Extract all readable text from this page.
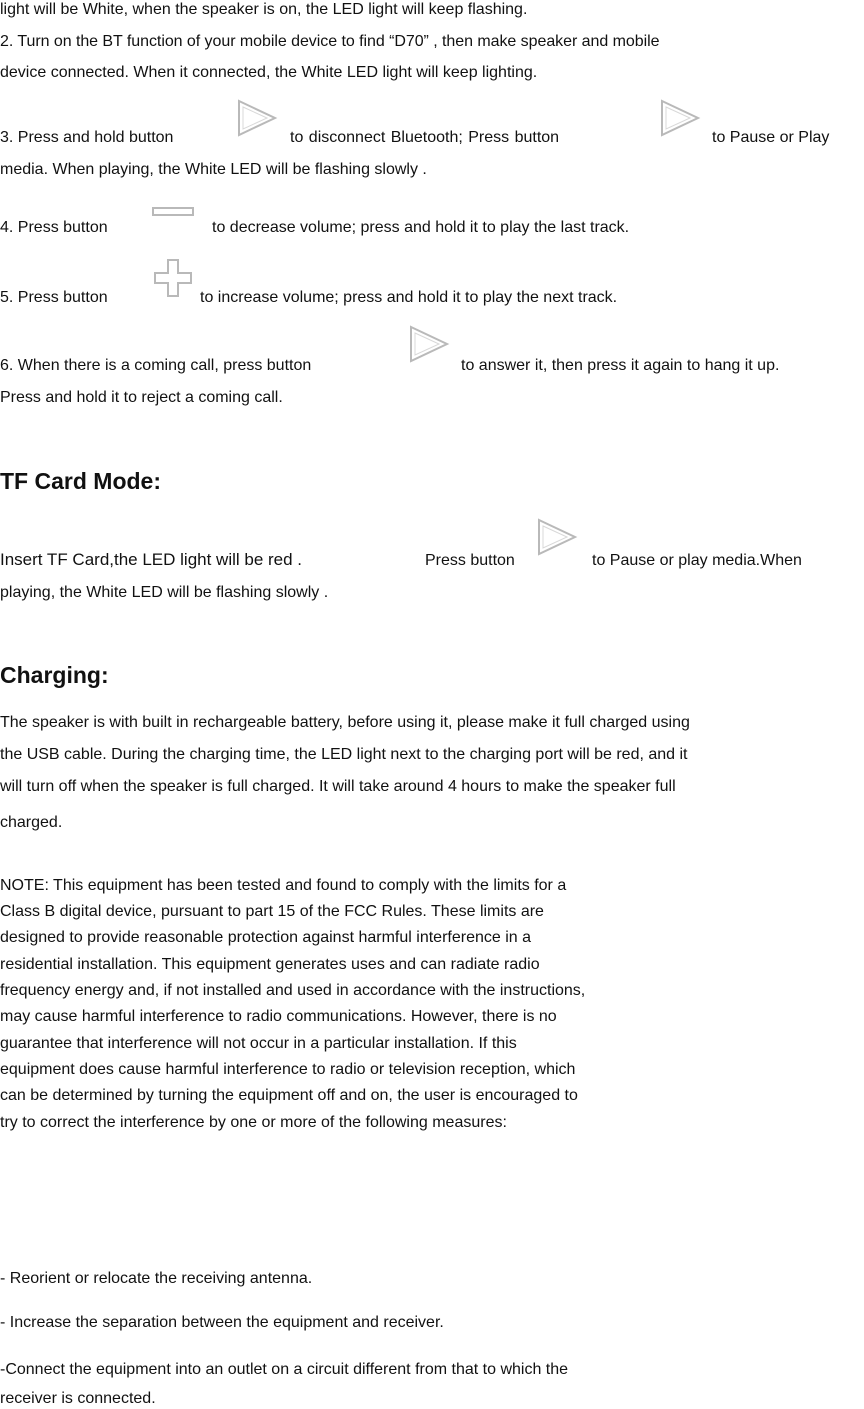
light will be White, when the speaker is on, the LED light will keep flashing.
2. Turn on the BT function of your mobile device to find “D70” , then make speaker and mobile
device connected. When it connected, the White LED light will keep lighting.
3. Press and hold button	to disconnect Bluetooth; Press button	to Pause or Play
media. When playing, the White LED will be flashing slowly .
4. Press button	to decrease volume; press and hold it to play the last track.
5. Press button	to increase volume; press and hold it to play the next track.
6. When there is a coming call, press button	to answer it, then press it again to hang it up.
Press and hold it to reject a coming call.
TF Card Mode:
Insert TF Card,the LED light will be red .	Press button	to Pause or play media.When
playing, the White LED will be flashing slowly .
Charging:
The speaker is with built in rechargeable battery, before using it, please make it full charged using
the USB cable. During the charging time, the LED light next to the charging port will be red, and it
will turn off when the speaker is full charged. It will take around 4 hours to make the speaker full
charged.
NOTE: This equipment has been tested and found to comply with the limits for a
Class B digital device, pursuant to part 15 of the FCC Rules. These limits are
designed to provide reasonable protection against harmful interference in a
residential installation. This equipment generates uses and can radiate radio
frequency energy and, if not installed and used in accordance with the instructions,
may cause harmful interference to radio communications. However, there is no
guarantee that interference will not occur in a particular installation. If this
equipment does cause harmful interference to radio or television reception, which
can be determined by turning the equipment off and on, the user is encouraged to
try to correct the interference by one or more of the following measures:
- Reorient or relocate the receiving antenna.
- Increase the separation between the equipment and receiver.
-Connect the equipment into an outlet on a circuit different from that to which the
receiver is connected.
